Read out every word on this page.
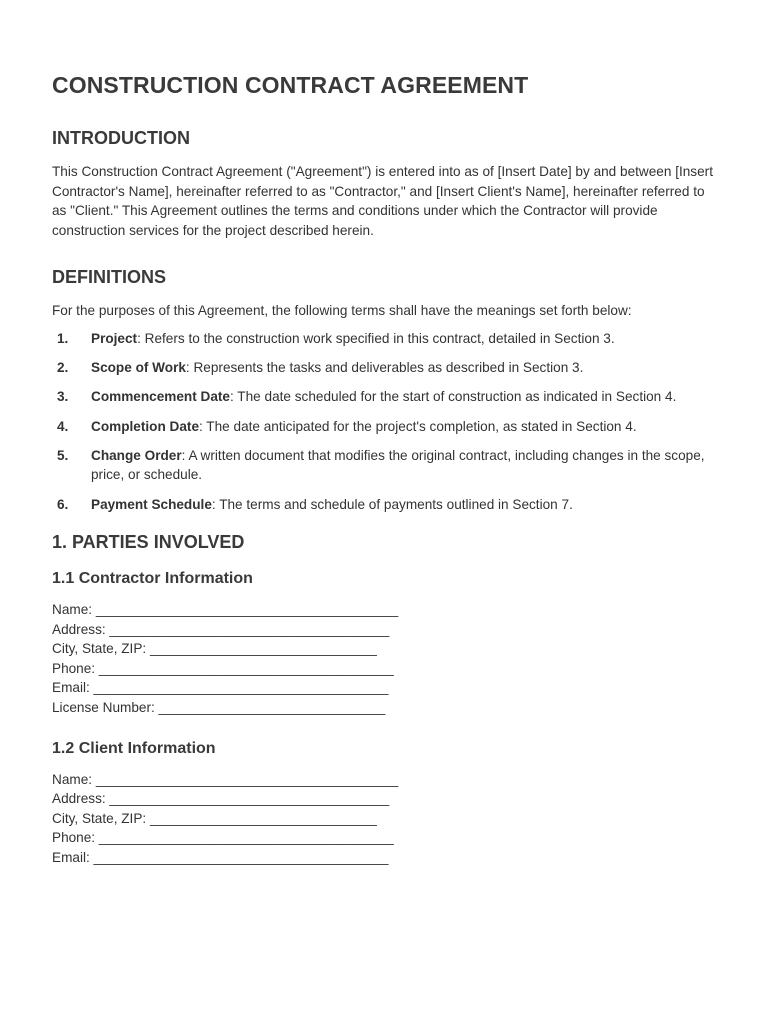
CONSTRUCTION CONTRACT AGREEMENT
INTRODUCTION

This Construction Contract Agreement ("Agreement") is entered into as of [Insert Date] by and between [Insert Contractor's Name], hereinafter referred to as "Contractor," and [Insert Client's Name], hereinafter referred to as "Client." This Agreement outlines the terms and conditions under which the Contractor will provide construction services for the project described herein.

DEFINITIONS

For the purposes of this Agreement, the following terms shall have the meanings set forth below:

1. Project: Refers to the construction work specified in this contract, detailed in Section 3.
2. Scope of Work: Represents the tasks and deliverables as described in Section 3.
3. Commencement Date: The date scheduled for the start of construction as indicated in Section 4.
4. Completion Date: The date anticipated for the project's completion, as stated in Section 4.
5. Change Order: A written document that modifies the original contract, including changes in the scope, price, or schedule.
6. Payment Schedule: The terms and schedule of payments outlined in Section 7.
1. PARTIES INVOLVED
1.1 Contractor Information
Name: ________________________________________
Address: _____________________________________
City, State, ZIP: ______________________________
Phone: _______________________________________
Email: _______________________________________
License Number: ______________________________
1.2 Client Information
Name: ________________________________________
Address: _____________________________________
City, State, ZIP: ______________________________
Phone: _______________________________________
Email: _______________________________________
